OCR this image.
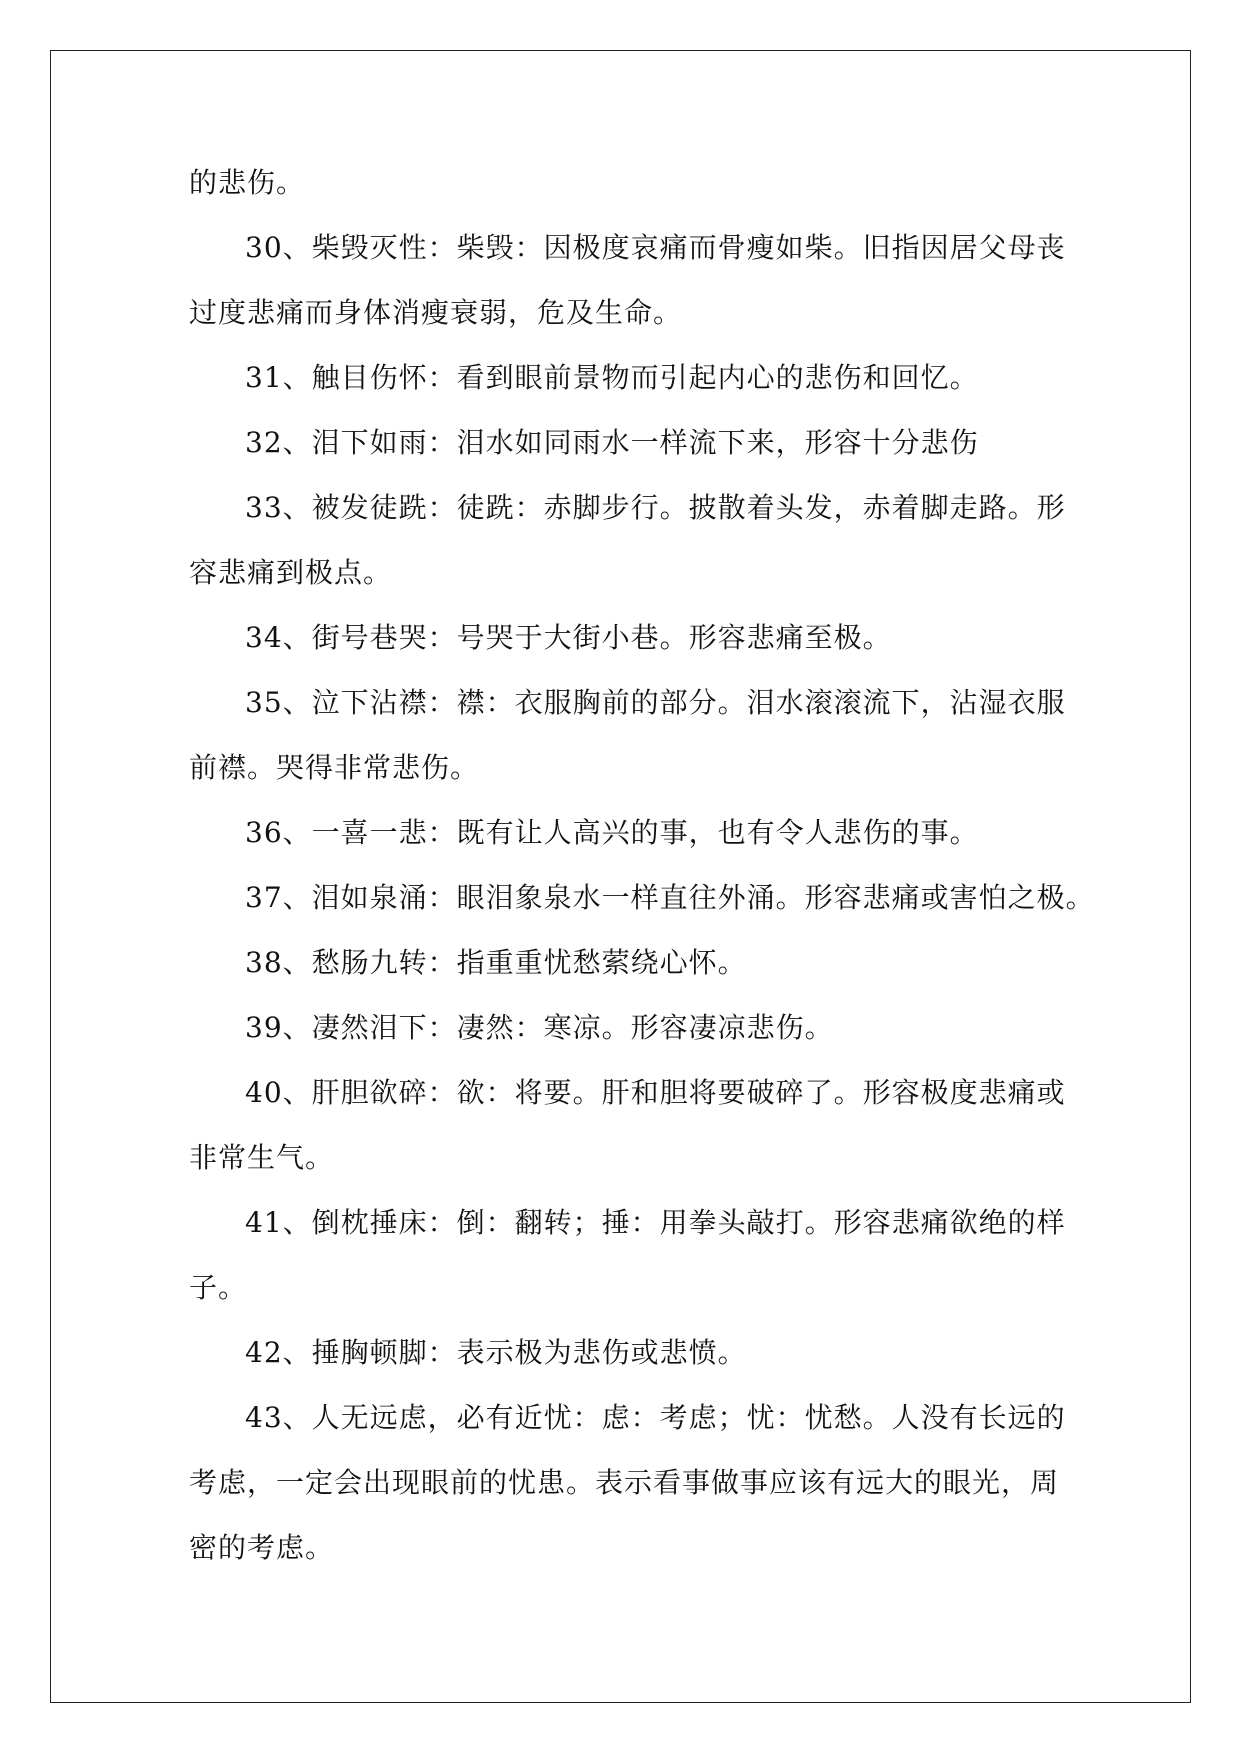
的悲伤。
30、柴毁灭性：柴毁：因极度哀痛而骨瘦如柴。旧指因居父母丧
过度悲痛而身体消瘦衰弱，危及生命。
31、触目伤怀：看到眼前景物而引起内心的悲伤和回忆。
32、泪下如雨：泪水如同雨水一样流下来，形容十分悲伤
33、被发徒跣：徒跣：赤脚步行。披散着头发，赤着脚走路。形
容悲痛到极点。
34、街号巷哭：号哭于大街小巷。形容悲痛至极。
35、泣下沾襟：襟：衣服胸前的部分。泪水滚滚流下，沾湿衣服
前襟。哭得非常悲伤。
36、一喜一悲：既有让人高兴的事，也有令人悲伤的事。
37、泪如泉涌：眼泪象泉水一样直往外涌。形容悲痛或害怕之极。
38、愁肠九转：指重重忧愁萦绕心怀。
39、凄然泪下：凄然：寒凉。形容凄凉悲伤。
40、肝胆欲碎：欲：将要。肝和胆将要破碎了。形容极度悲痛或
非常生气。
41、倒枕捶床：倒：翻转；捶：用拳头敲打。形容悲痛欲绝的样
子。
42、捶胸顿脚：表示极为悲伤或悲愤。
43、人无远虑，必有近忧：虑：考虑；忧：忧愁。人没有长远的
考虑，一定会出现眼前的忧患。表示看事做事应该有远大的眼光，周
密的考虑。
